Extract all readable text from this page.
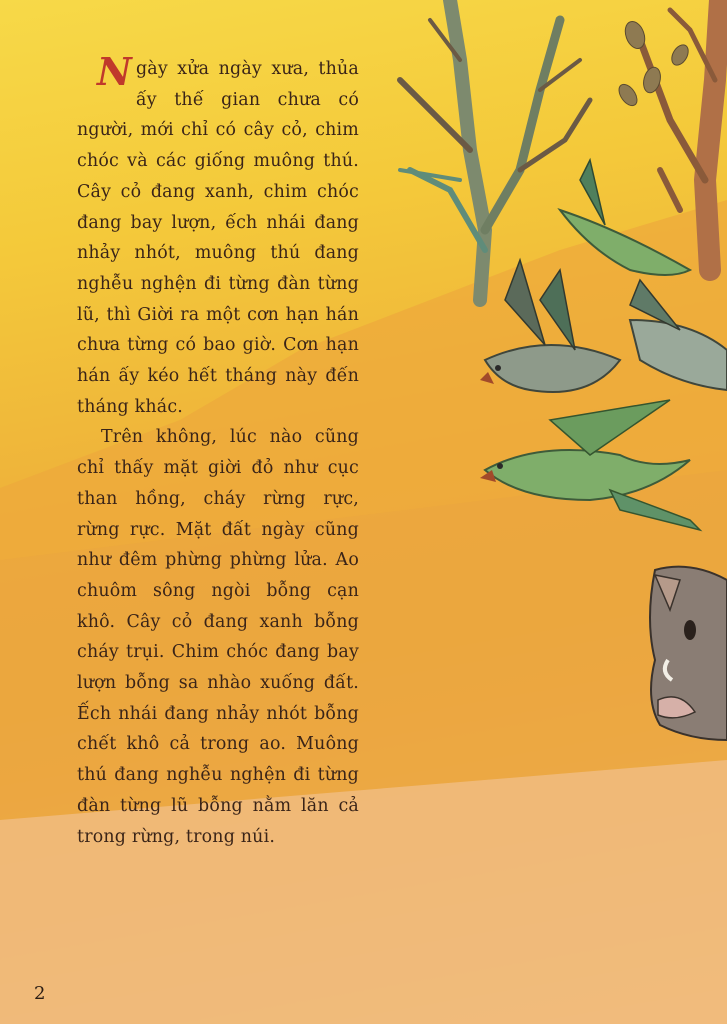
Ngày xửa ngày xưa, thủa ấy thế gian chưa có người, mới chỉ có cây cỏ, chim chóc và các giống muông thú. Cây cỏ đang xanh, chim chóc đang bay lượn, ếch nhái đang nhảy nhót, muông thú đang nghễu nghện đi từng đàn từng lũ, thì Giời ra một cơn hạn hán chưa từng có bao giờ. Cơn hạn hán ấy kéo hết tháng này đến tháng khác.

Trên không, lúc nào cũng chỉ thấy mặt giời đỏ như cục than hồng, cháy rừng rực, rừng rực. Mặt đất ngày cũng như đêm phừng phừng lửa. Ao chuôm sông ngòi bỗng cạn khô. Cây cỏ đang xanh bỗng cháy trụi. Chim chóc đang bay lượn bỗng sa nhào xuống đất. Ếch nhái đang nhảy nhót bỗng chết khô cả trong ao. Muông thú đang nghễu nghện đi từng đàn từng lũ bỗng nằm lăn cả trong rừng, trong núi.

2
